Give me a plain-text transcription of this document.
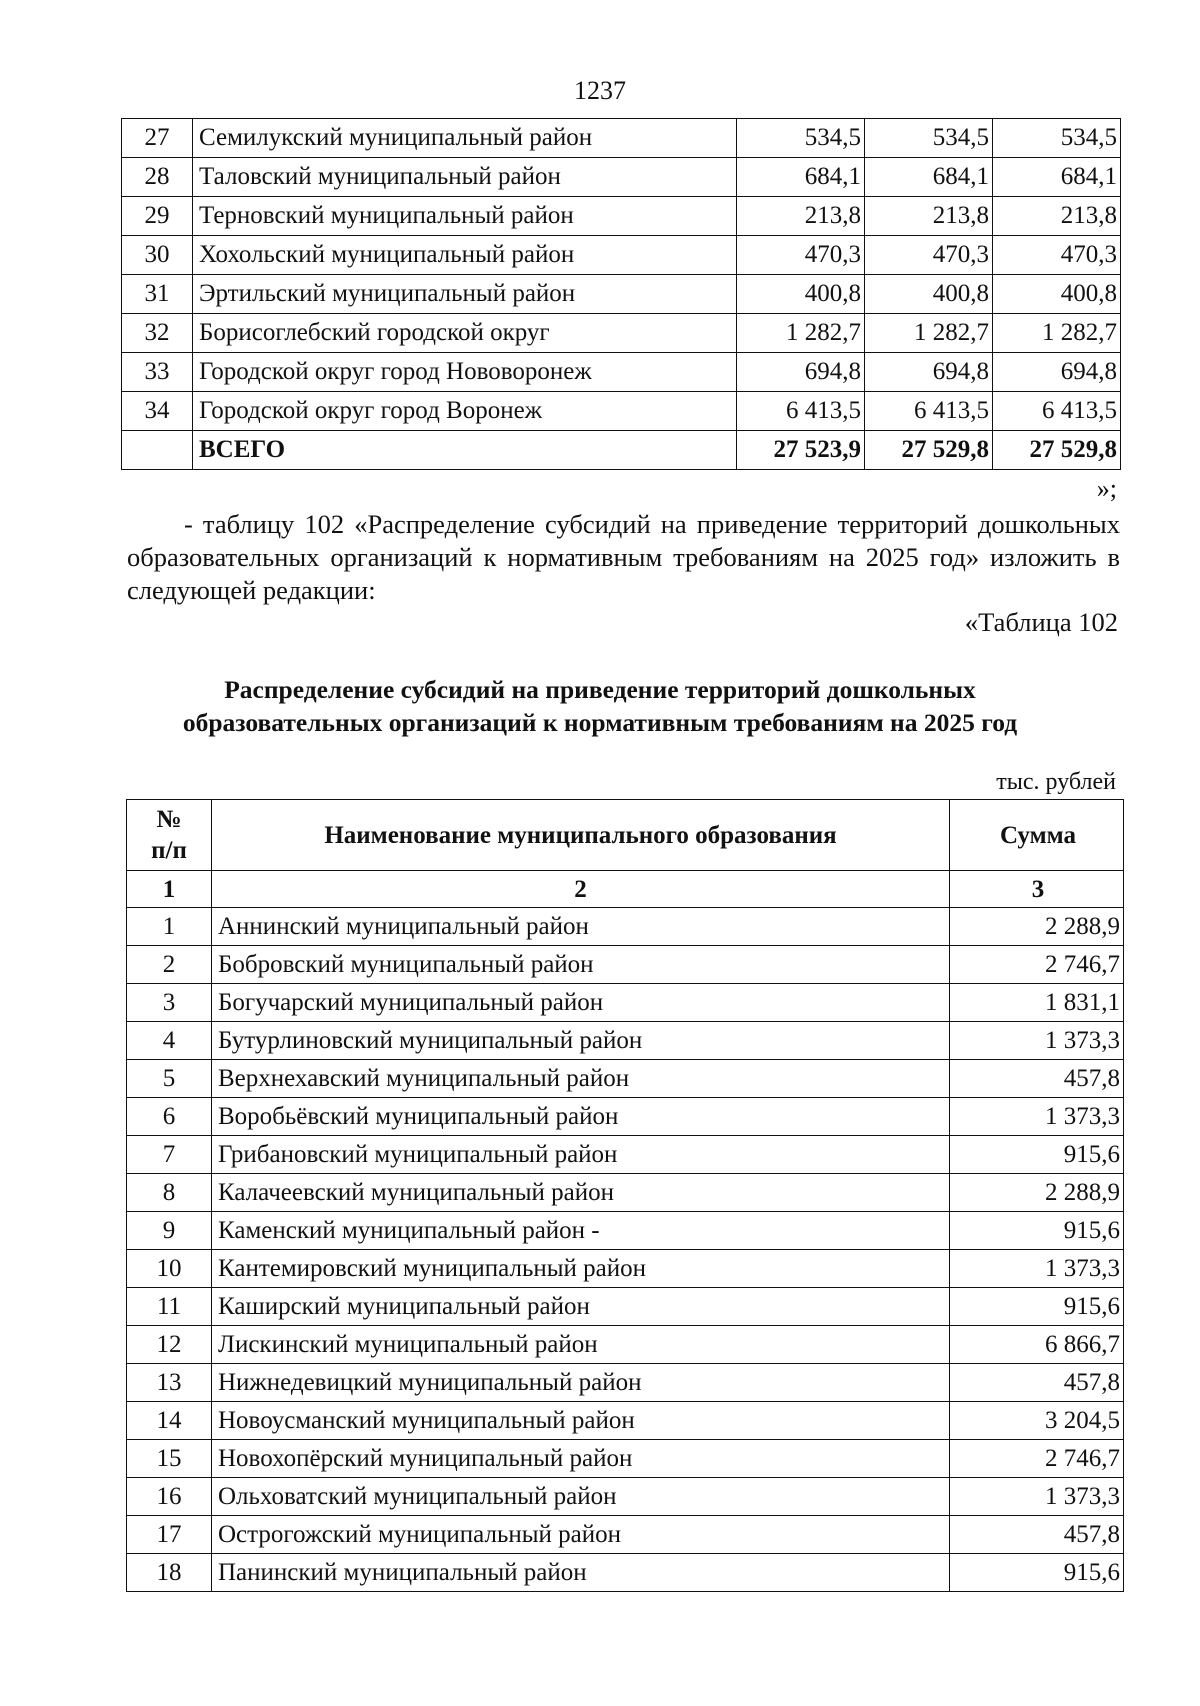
1237
27	Семилукский муниципальный район	534,5	534,5	534,5
28	Таловский муниципальный район	684,1	684,1	684,1
29	Терновский муниципальный район	213,8	213,8	213,8
30	Хохольский муниципальный район	470,3	470,3	470,3
31	Эртильский муниципальный район	400,8	400,8	400,8
32	Борисоглебский городской округ	1 282,7	1 282,7	1 282,7
33	Городской округ город Нововоронеж	694,8	694,8	694,8
34	Городской округ город Воронеж	6 413,5	6 413,5	6 413,5
	ВСЕГО	27 523,9	27 529,8	27 529,8
»;
- таблицу 102 «Распределение субсидий на приведение территорий дошкольных образовательных организаций к нормативным требованиям на 2025 год» изложить в следующей редакции:
«Таблица 102
Распределение субсидий на приведение территорий дошкольных
образовательных организаций к нормативным требованиям на 2025 год
тыс. рублей
№ п/п	Наименование муниципального образования	Сумма
1	2	3
1	Аннинский муниципальный район	2 288,9
2	Бобровский муниципальный район	2 746,7
3	Богучарский муниципальный район	1 831,1
4	Бутурлиновский муниципальный район	1 373,3
5	Верхнехавский муниципальный район	457,8
6	Воробьёвский муниципальный район	1 373,3
7	Грибановский муниципальный район	915,6
8	Калачеевский муниципальный район	2 288,9
9	Каменский муниципальный район -	915,6
10	Кантемировский муниципальный район	1 373,3
11	Каширский муниципальный район	915,6
12	Лискинский муниципальный район	6 866,7
13	Нижнедевицкий муниципальный район	457,8
14	Новоусманский муниципальный район	3 204,5
15	Новохопёрский муниципальный район	2 746,7
16	Ольховатский муниципальный район	1 373,3
17	Острогожский муниципальный район	457,8
18	Панинский муниципальный район	915,6
